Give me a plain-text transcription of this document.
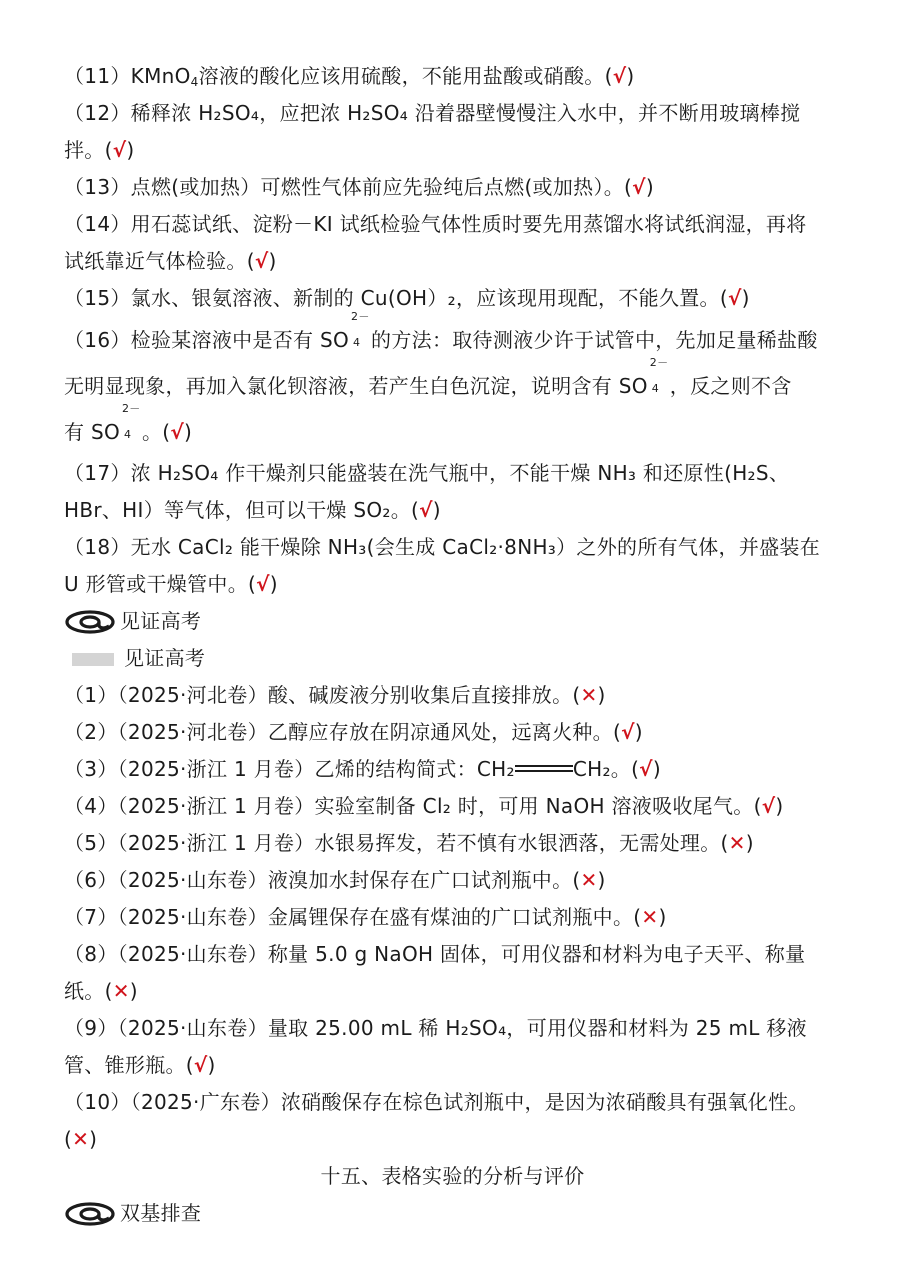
（11）KMnO$_4$溶液的酸化应该用硫酸，不能用盐酸或硝酸。(√)
（12）稀释浓 H₂SO₄，应把浓 H₂SO₄ 沿着器壁慢慢注入水中，并不断用玻璃棒搅
拌。(√)
（13）点燃(或加热）可燃性气体前应先验纯后点燃(或加热）。(√)
（14）用石蕊试纸、淀粉－KI 试纸检验气体性质时要先用蒸馏水将试纸润湿，再将
试纸靠近气体检验。(√)
（15）氯水、银氨溶液、新制的 Cu(OH）₂，应该现用现配，不能久置。(√)
（16）检验某溶液中是否有 SO
2－
4 的方法：取待测液少许于试管中，先加足量稀盐酸
无明显现象，再加入氯化钡溶液，若产生白色沉淀，说明含有 SO
2－
4 ，反之则不含
有 SO
2－
4 。(√)
（17）浓 H₂SO₄ 作干燥剂只能盛装在洗气瓶中，不能干燥 NH₃ 和还原性(H₂S、
HBr、HI）等气体，但可以干燥 SO₂。(√)
（18）无水 CaCl₂ 能干燥除 NH₃(会生成 CaCl₂·8NH₃）之外的所有气体，并盛装在
U 形管或干燥管中。(√)
见证高考
见证高考
（1）（2025·河北卷）酸、碱废液分别收集后直接排放。(✕)
（2）（2025·河北卷）乙醇应存放在阴凉通风处，远离火种。(√)
（3）（2025·浙江 1 月卷）乙烯的结构简式：CH₂	CH₂。(√)
（4）（2025·浙江 1 月卷）实验室制备 Cl₂ 时，可用 NaOH 溶液吸收尾气。(√)
（5）（2025·浙江 1 月卷）水银易挥发，若不慎有水银洒落，无需处理。(✕)
（6）（2025·山东卷）液溴加水封保存在广口试剂瓶中。(✕)
（7）（2025·山东卷）金属锂保存在盛有煤油的广口试剂瓶中。(✕)
（8）（2025·山东卷）称量 5.0 g NaOH 固体，可用仪器和材料为电子天平、称量
纸。(✕)
（9）（2025·山东卷）量取 25.00 mL 稀 H₂SO₄，可用仪器和材料为 25 mL 移液
管、锥形瓶。(√)
（10）（2025·广东卷）浓硝酸保存在棕色试剂瓶中，是因为浓硝酸具有强氧化性。
(✕)
十五、表格实验的分析与评价
双基排查
